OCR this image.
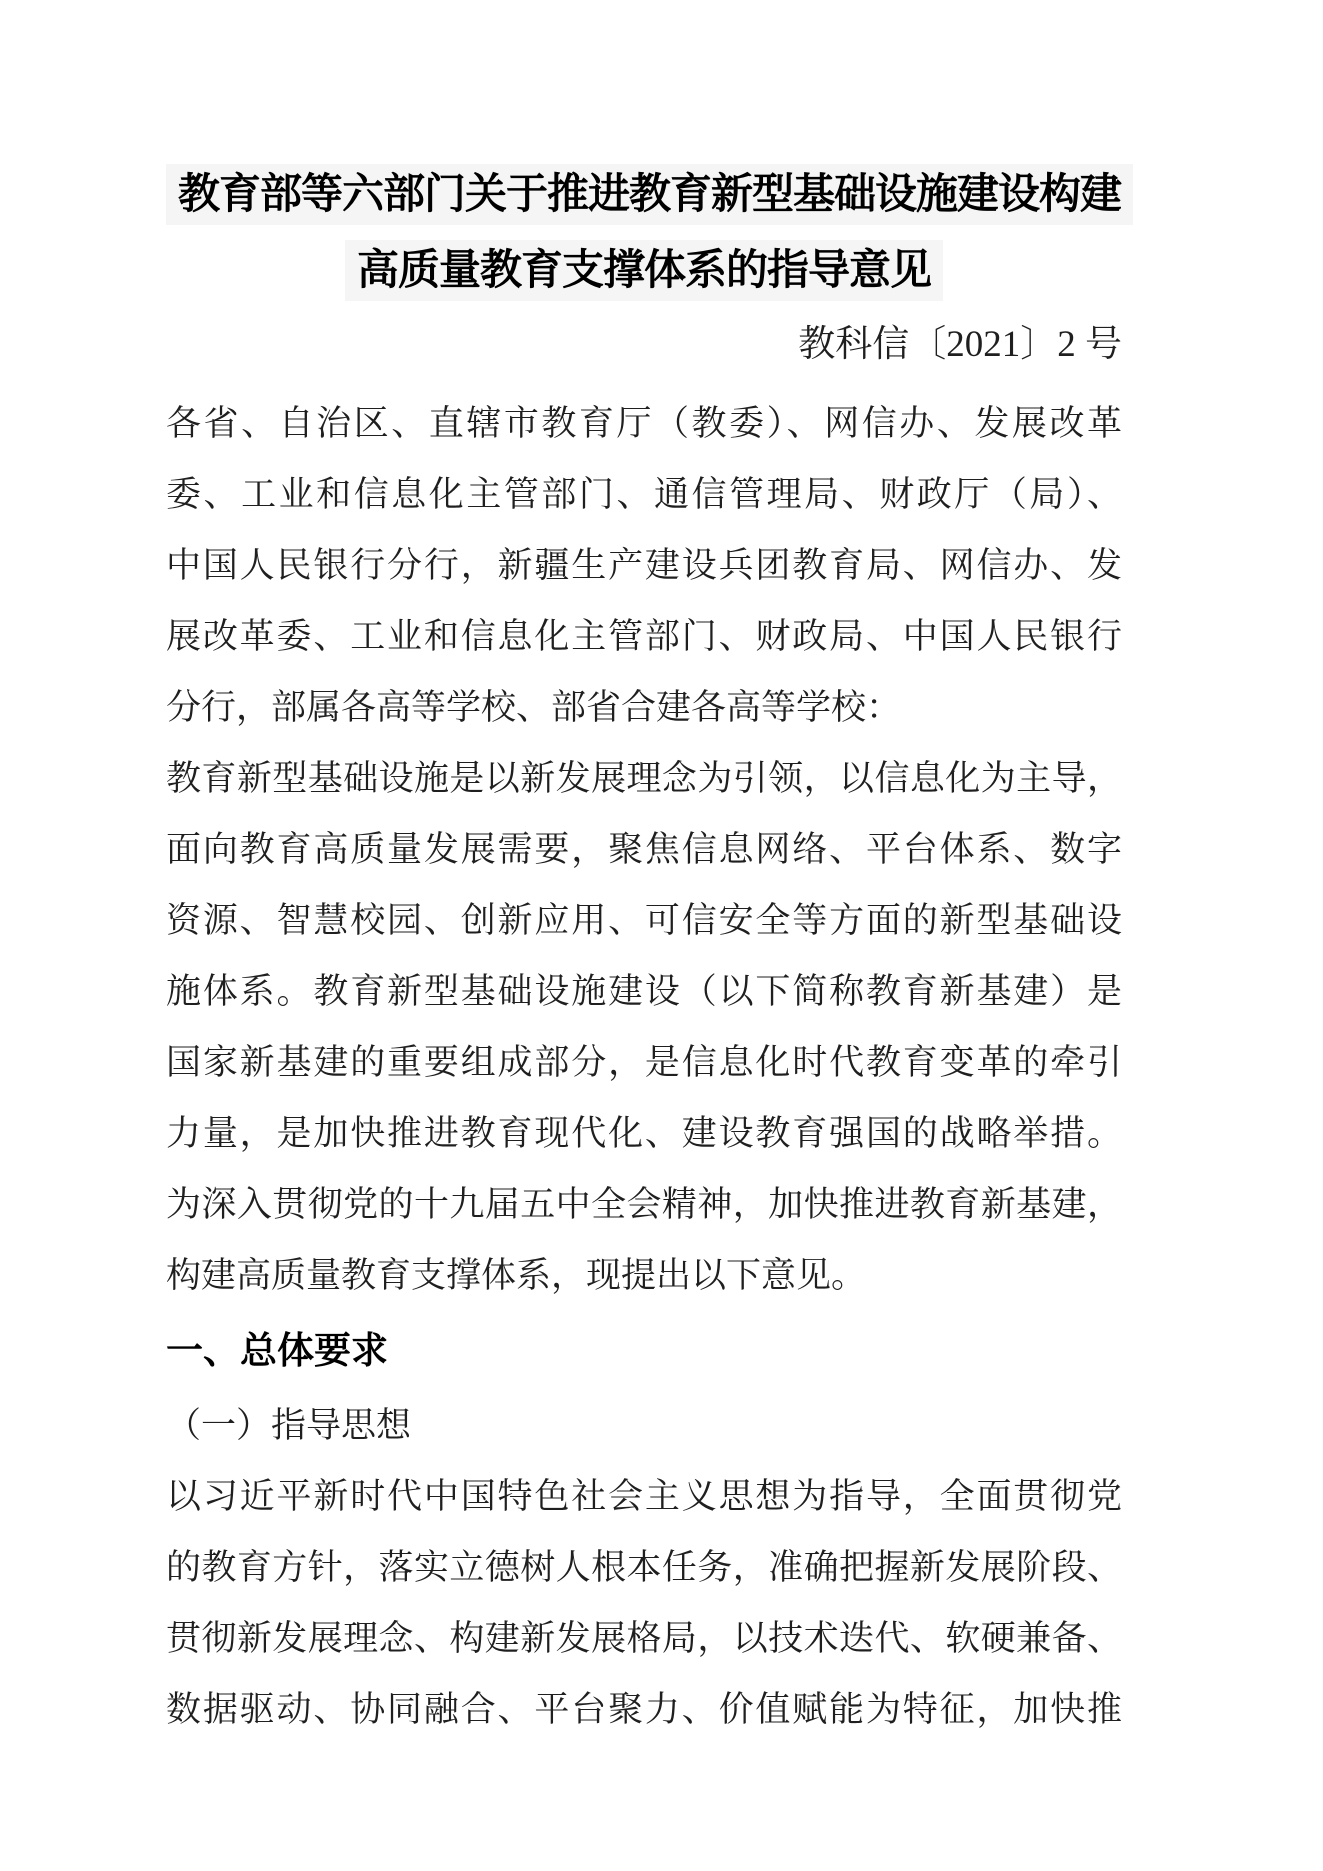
教育部等六部门关于推进教育新型基础设施建设构建
高质量教育支撑体系的指导意见
教科信〔2021〕2 号
各省、自治区、直辖市教育厅（教委）、网信办、发展改革
委、工业和信息化主管部门、通信管理局、财政厅（局）、
中国人民银行分行，新疆生产建设兵团教育局、网信办、发
展改革委、工业和信息化主管部门、财政局、中国人民银行
分行，部属各高等学校、部省合建各高等学校：
教育新型基础设施是以新发展理念为引领，以信息化为主导，
面向教育高质量发展需要，聚焦信息网络、平台体系、数字
资源、智慧校园、创新应用、可信安全等方面的新型基础设
施体系。教育新型基础设施建设（以下简称教育新基建）是
国家新基建的重要组成部分，是信息化时代教育变革的牵引
力量，是加快推进教育现代化、建设教育强国的战略举措。
为深入贯彻党的十九届五中全会精神，加快推进教育新基建，
构建高质量教育支撑体系，现提出以下意见。
一、总体要求
（一）指导思想
以习近平新时代中国特色社会主义思想为指导，全面贯彻党
的教育方针，落实立德树人根本任务，准确把握新发展阶段、
贯彻新发展理念、构建新发展格局，以技术迭代、软硬兼备、
数据驱动、协同融合、平台聚力、价值赋能为特征，加快推
